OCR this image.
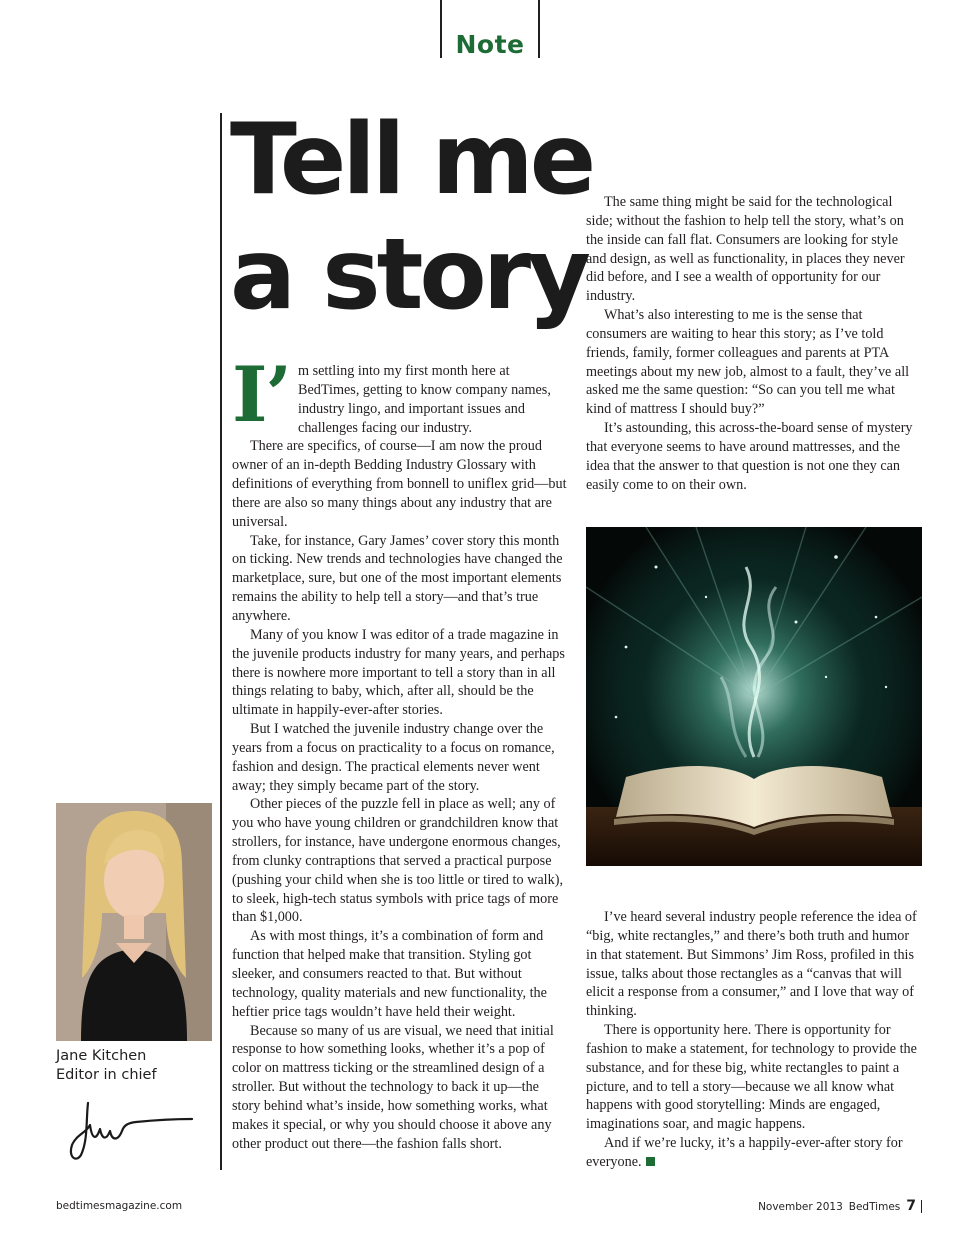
Note
Tell me
a story

I’ m settling into my first month here at BedTimes, getting to know company names, industry lingo, and important issues and challenges facing our industry.

There are specifics, of course—I am now the proud owner of an in-depth Bedding Industry Glossary with definitions of everything from bonnell to uniflex grid—but there are also so many things about any industry that are universal.

Take, for instance, Gary James’ cover story this month on ticking. New trends and technologies have changed the marketplace, sure, but one of the most important elements remains the ability to help tell a story—and that’s true anywhere.

Many of you know I was editor of a trade magazine in the juvenile products industry for many years, and perhaps there is nowhere more important to tell a story than in all things relating to baby, which, after all, should be the ultimate in happily-ever-after stories.

But I watched the juvenile industry change over the years from a focus on practicality to a focus on romance, fashion and design. The practical elements never went away; they simply became part of the story.

Other pieces of the puzzle fell in place as well; any of you who have young children or grandchildren know that strollers, for instance, have undergone enormous changes, from clunky contraptions that served a practical purpose (pushing your child when she is too little or tired to walk), to sleek, high-tech status symbols with price tags of more than $1,000.

As with most things, it’s a combination of form and function that helped make that transition. Styling got sleeker, and consumers reacted to that. But without technology, quality materials and new functionality, the heftier price tags wouldn’t have held their weight.

Because so many of us are visual, we need that initial response to how something looks, whether it’s a pop of color on mattress ticking or the streamlined design of a stroller. But without the technology to back it up—the story behind what’s inside, how something works, what makes it special, or why you should choose it above any other product out there—the fashion falls short.

The same thing might be said for the technological side; without the fashion to help tell the story, what’s on the inside can fall flat. Consumers are looking for style and design, as well as functionality, in places they never did before, and I see a wealth of opportunity for our industry.

What’s also interesting to me is the sense that consumers are waiting to hear this story; as I’ve told friends, family, former colleagues and parents at PTA meetings about my new job, almost to a fault, they’ve all asked me the same question: “So can you tell me what kind of mattress I should buy?”

It’s astounding, this across-the-board sense of mystery that everyone seems to have around mattresses, and the idea that the answer to that question is not one they can easily come to on their own.

I’ve heard several industry people reference the idea of “big, white rectangles,” and there’s both truth and humor in that statement. But Simmons’ Jim Ross, profiled in this issue, talks about those rectangles as a “canvas that will elicit a response from a consumer,” and I love that way of thinking.

There is opportunity here. There is opportunity for fashion to make a statement, for technology to provide the substance, and for these big, white rectangles to paint a picture, and to tell a story—because we all know what happens with good storytelling: Minds are engaged, imaginations soar, and magic happens.

And if we’re lucky, it’s a happily-ever-after story for everyone.

Jane Kitchen
Editor in chief
bedtimesmagazine.com	November 2013 BedTimes 7
